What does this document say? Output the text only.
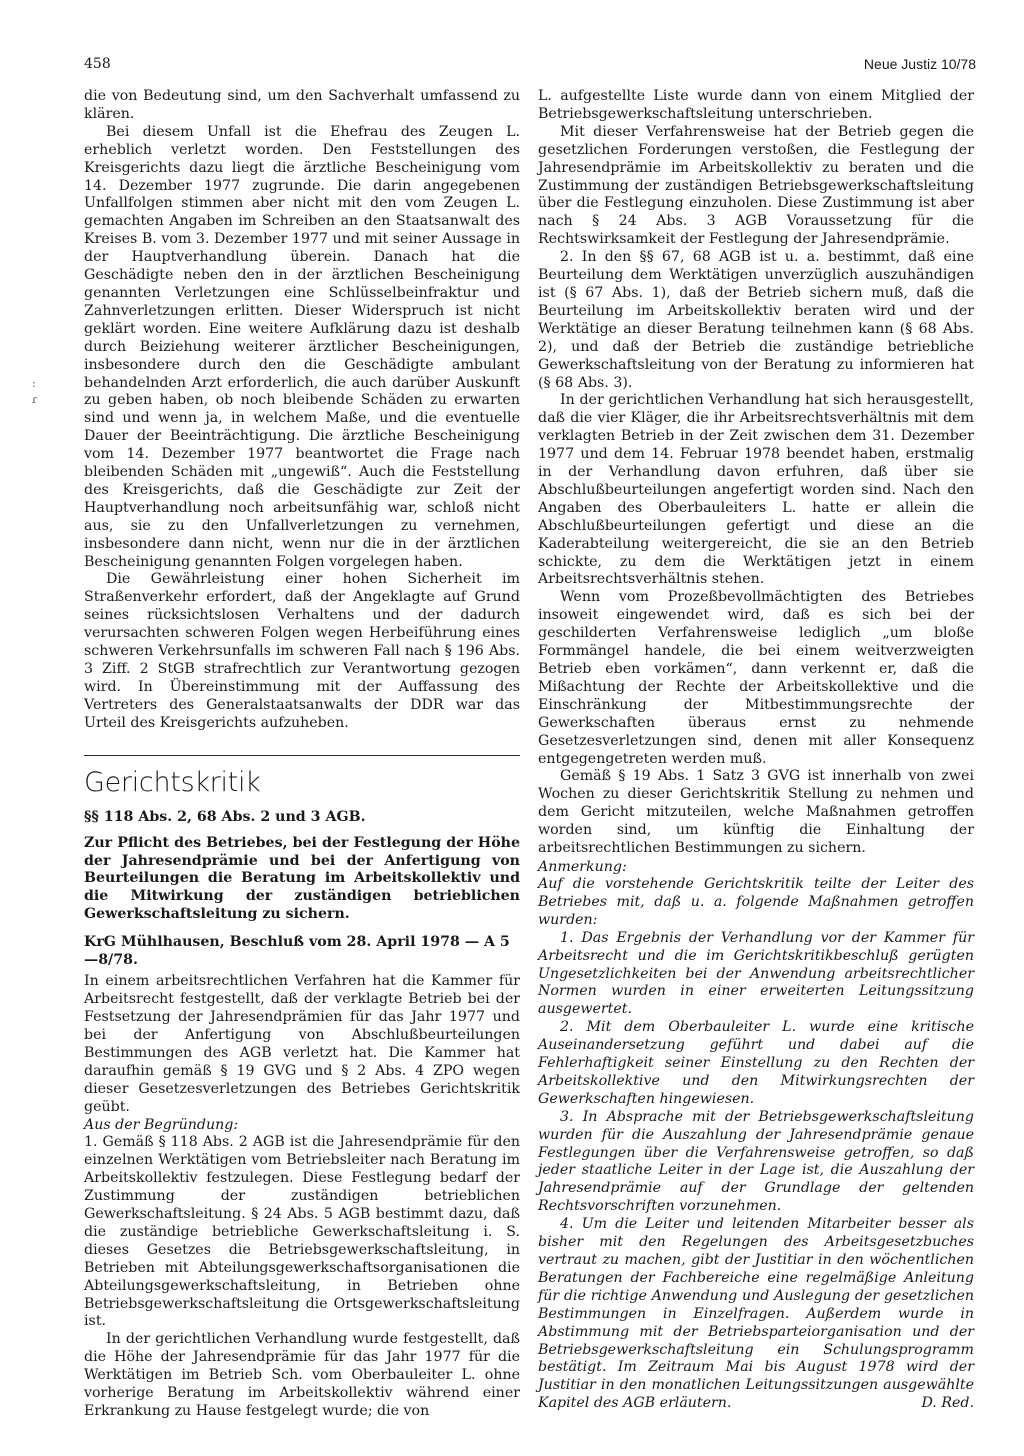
458	Neue Justiz 10/78
:
ɾ

die von Bedeutung sind, um den Sachverhalt umfassend zu klären.

Bei diesem Unfall ist die Ehefrau des Zeugen L. erheblich verletzt worden. Den Feststellungen des Kreisgerichts dazu liegt die ärztliche Bescheinigung vom 14. Dezember 1977 zugrunde. Die darin angegebenen Unfallfolgen stimmen aber nicht mit den vom Zeugen L. gemachten Angaben im Schreiben an den Staatsanwalt des Kreises B. vom 3. Dezember 1977 und mit seiner Aussage in der Hauptverhandlung überein. Danach hat die Geschädigte neben den in der ärztlichen Bescheinigung genannten Verletzungen eine Schlüsselbeinfraktur und Zahnverletzungen erlitten. Dieser Widerspruch ist nicht geklärt worden. Eine weitere Aufklärung dazu ist deshalb durch Beiziehung weiterer ärztlicher Bescheinigungen, insbesondere durch den die Geschädigte ambulant behandelnden Arzt erforderlich, die auch darüber Auskunft zu geben haben, ob noch bleibende Schäden zu erwarten sind und wenn ja, in welchem Maße, und die eventuelle Dauer der Beeinträchtigung. Die ärztliche Bescheinigung vom 14. Dezember 1977 beantwortet die Frage nach bleibenden Schäden mit „ungewiß“. Auch die Feststellung des Kreisgerichts, daß die Geschädigte zur Zeit der Hauptverhandlung noch arbeitsunfähig war, schloß nicht aus, sie zu den Unfallverletzungen zu vernehmen, insbesondere dann nicht, wenn nur die in der ärztlichen Bescheinigung genannten Folgen vorgelegen haben.

Die Gewährleistung einer hohen Sicherheit im Straßenverkehr erfordert, daß der Angeklagte auf Grund seines rücksichtslosen Verhaltens und der dadurch verursachten schweren Folgen wegen Herbeiführung eines schweren Verkehrsunfalls im schweren Fall nach § 196 Abs. 3 Ziff. 2 StGB strafrechtlich zur Verantwortung gezogen wird. In Übereinstimmung mit der Auffassung des Vertreters des Generalstaatsanwalts der DDR war das Urteil des Kreisgerichts aufzuheben.

Gerichtskritik
§§ 118 Abs. 2, 68 Abs. 2 und 3 AGB.
Zur Pflicht des Betriebes, bei der Festlegung der Höhe der Jahresendprämie und bei der Anfertigung von Beurteilungen die Beratung im Arbeitskollektiv und die Mitwirkung der zuständigen betrieblichen Gewerkschaftsleitung zu sichern.
KrG Mühlhausen, Beschluß vom 28. April 1978 — A 5—8/78.

In einem arbeitsrechtlichen Verfahren hat die Kammer für Arbeitsrecht festgestellt, daß der verklagte Betrieb bei der Festsetzung der Jahresendprämien für das Jahr 1977 und bei der Anfertigung von Abschlußbeurteilungen Bestimmungen des AGB verletzt hat. Die Kammer hat daraufhin gemäß § 19 GVG und § 2 Abs. 4 ZPO wegen dieser Gesetzesverletzungen des Betriebes Gerichtskritik geübt.

Aus der Begründung:

1. Gemäß § 118 Abs. 2 AGB ist die Jahresendprämie für den einzelnen Werktätigen vom Betriebsleiter nach Beratung im Arbeitskollektiv festzulegen. Diese Festlegung bedarf der Zustimmung der zuständigen betrieblichen Gewerkschaftsleitung. § 24 Abs. 5 AGB bestimmt dazu, daß die zuständige betriebliche Gewerkschaftsleitung i. S. dieses Gesetzes die Betriebsgewerkschaftsleitung, in Betrieben mit Abteilungsgewerkschaftsorganisationen die Abteilungsgewerkschaftsleitung, in Betrieben ohne Betriebsgewerkschaftsleitung die Ortsgewerkschaftsleitung ist.

In der gerichtlichen Verhandlung wurde festgestellt, daß die Höhe der Jahresendprämie für das Jahr 1977 für die Werktätigen im Betrieb Sch. vom Oberbauleiter L. ohne vorherige Beratung im Arbeitskollektiv während einer Erkrankung zu Hause festgelegt wurde; die von

L. aufgestellte Liste wurde dann von einem Mitglied der Betriebsgewerkschaftsleitung unterschrieben.

Mit dieser Verfahrensweise hat der Betrieb gegen die gesetzlichen Forderungen verstoßen, die Festlegung der Jahresendprämie im Arbeitskollektiv zu beraten und die Zustimmung der zuständigen Betriebsgewerkschaftsleitung über die Festlegung einzuholen. Diese Zustimmung ist aber nach § 24 Abs. 3 AGB Voraussetzung für die Rechtswirksamkeit der Festlegung der Jahresendprämie.

2. In den §§ 67, 68 AGB ist u. a. bestimmt, daß eine Beurteilung dem Werktätigen unverzüglich auszuhändigen ist (§ 67 Abs. 1), daß der Betrieb sichern muß, daß die Beurteilung im Arbeitskollektiv beraten wird und der Werktätige an dieser Beratung teilnehmen kann (§ 68 Abs. 2), und daß der Betrieb die zuständige betriebliche Gewerkschaftsleitung von der Beratung zu informieren hat (§ 68 Abs. 3).

In der gerichtlichen Verhandlung hat sich herausgestellt, daß die vier Kläger, die ihr Arbeitsrechtsverhältnis mit dem verklagten Betrieb in der Zeit zwischen dem 31. Dezember 1977 und dem 14. Februar 1978 beendet haben, erstmalig in der Verhandlung davon erfuhren, daß über sie Abschlußbeurteilungen angefertigt worden sind. Nach den Angaben des Oberbauleiters L. hatte er allein die Abschlußbeurteilungen gefertigt und diese an die Kaderabteilung weitergereicht, die sie an den Betrieb schickte, zu dem die Werktätigen jetzt in einem Arbeitsrechtsverhältnis stehen.

Wenn vom Prozeßbevollmächtigten des Betriebes insoweit eingewendet wird, daß es sich bei der geschilderten Verfahrensweise lediglich „um bloße Formmängel handele, die bei einem weitverzweigten Betrieb eben vorkämen“, dann verkennt er, daß die Mißachtung der Rechte der Arbeitskollektive und die Einschränkung der Mitbestimmungsrechte der Gewerkschaften überaus ernst zu nehmende Gesetzesverletzungen sind, denen mit aller Konsequenz entgegengetreten werden muß.

Gemäß § 19 Abs. 1 Satz 3 GVG ist innerhalb von zwei Wochen zu dieser Gerichtskritik Stellung zu nehmen und dem Gericht mitzuteilen, welche Maßnahmen getroffen worden sind, um künftig die Einhaltung der arbeitsrechtlichen Bestimmungen zu sichern.

Anmerkung:

Auf die vorstehende Gerichtskritik teilte der Leiter des Betriebes mit, daß u. a. folgende Maßnahmen getroffen wurden:

1. Das Ergebnis der Verhandlung vor der Kammer für Arbeitsrecht und die im Gerichtskritikbeschluß gerügten Ungesetzlichkeiten bei der Anwendung arbeitsrechtlicher Normen wurden in einer erweiterten Leitungssitzung ausgewertet.

2. Mit dem Oberbauleiter L. wurde eine kritische Auseinandersetzung geführt und dabei auf die Fehlerhaftigkeit seiner Einstellung zu den Rechten der Arbeitskollektive und den Mitwirkungsrechten der Gewerkschaften hingewiesen.

3. In Absprache mit der Betriebsgewerkschaftsleitung wurden für die Auszahlung der Jahresendprämie genaue Festlegungen über die Verfahrensweise getroffen, so daß jeder staatliche Leiter in der Lage ist, die Auszahlung der Jahresendprämie auf der Grundlage der geltenden Rechtsvorschriften vorzunehmen.

4. Um die Leiter und leitenden Mitarbeiter besser als bisher mit den Regelungen des Arbeitsgesetzbuches vertraut zu machen, gibt der Justitiar in den wöchentlichen Beratungen der Fachbereiche eine regelmäßige Anleitung für die richtige Anwendung und Auslegung der gesetzlichen Bestimmungen in Einzelfragen. Außerdem wurde in Abstimmung mit der Betriebsparteiorganisation und der Betriebsgewerkschaftsleitung ein Schulungsprogramm bestätigt. Im Zeitraum Mai bis August 1978 wird der Justitiar in den monatlichen Leitungssitzungen ausgewählte Kapitel des AGB erläutern.	D. Red.
